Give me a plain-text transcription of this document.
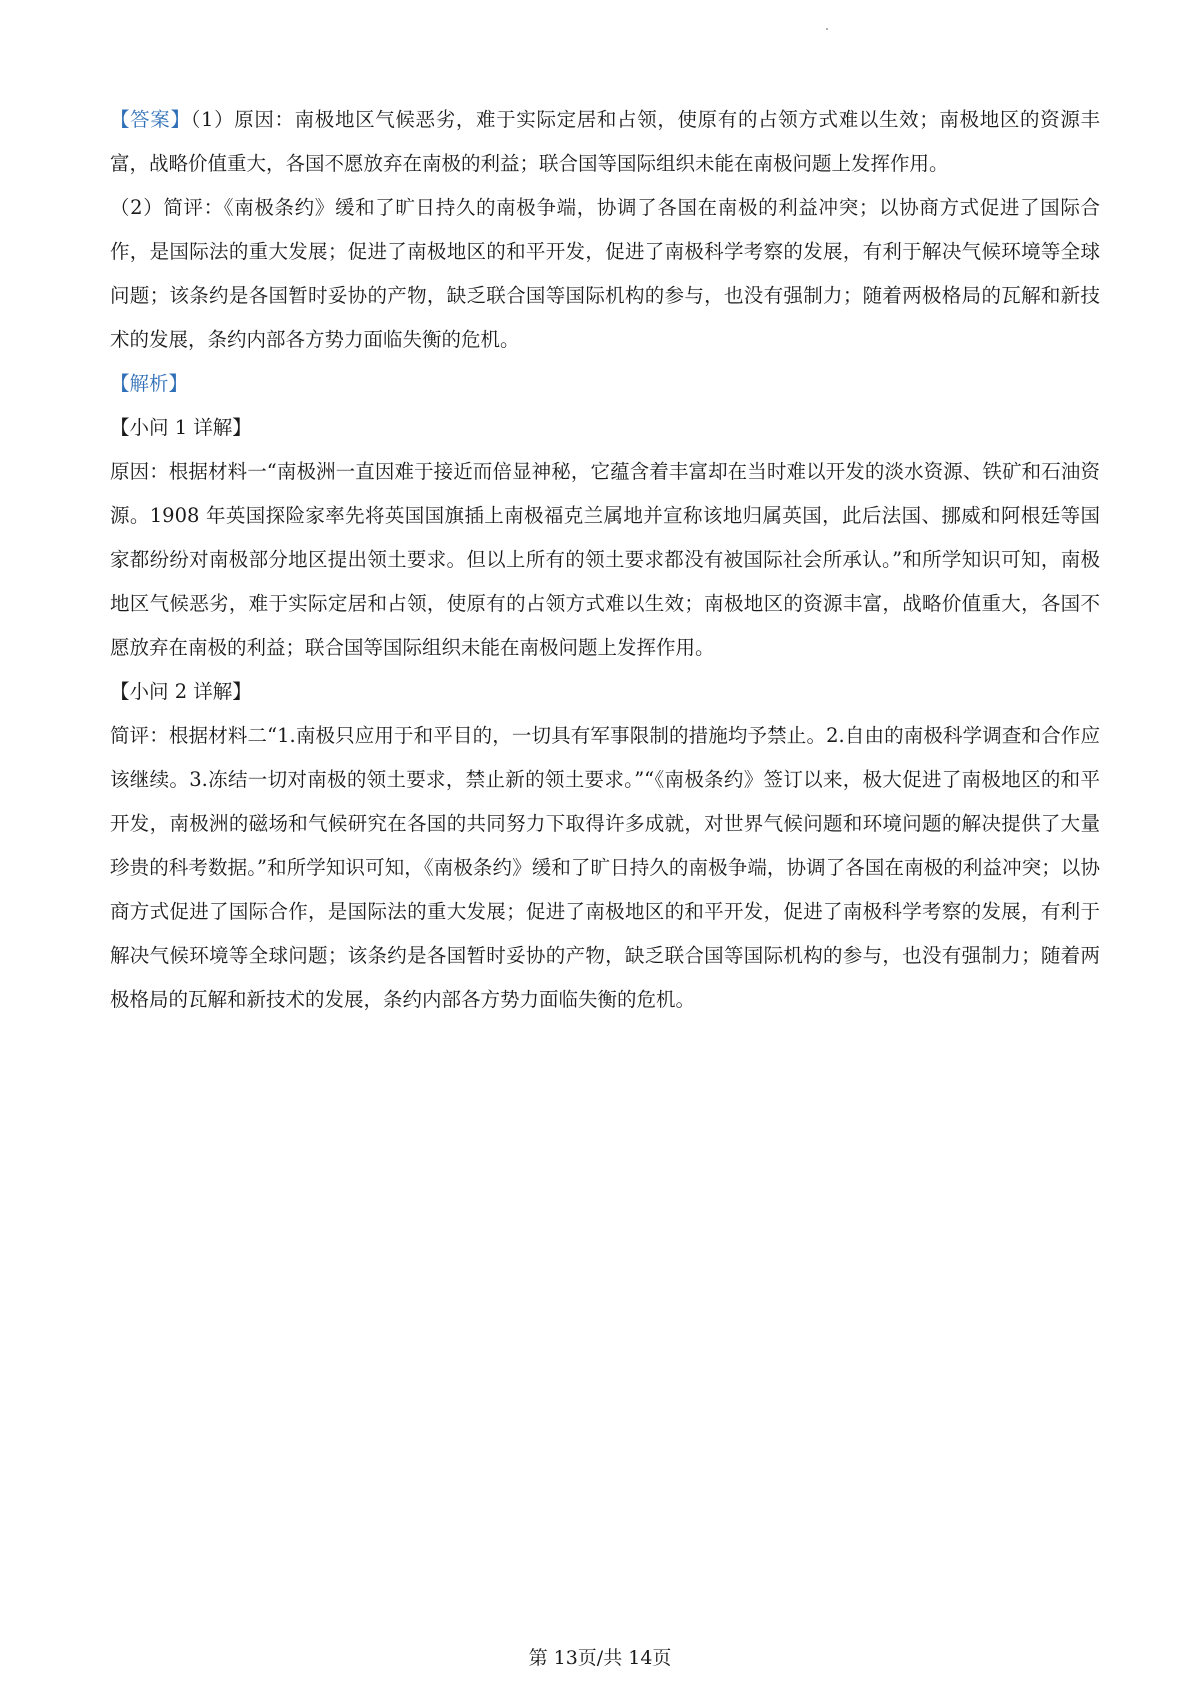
【答案】（1）原因：南极地区气候恶劣，难于实际定居和占领，使原有的占领方式难以生效；南极地区的资源丰富，战略价值重大，各国不愿放弃在南极的利益；联合国等国际组织未能在南极问题上发挥作用。

（2）简评：《南极条约》缓和了旷日持久的南极争端，协调了各国在南极的利益冲突；以协商方式促进了国际合作，是国际法的重大发展；促进了南极地区的和平开发，促进了南极科学考察的发展，有利于解决气候环境等全球问题；该条约是各国暂时妥协的产物，缺乏联合国等国际机构的参与，也没有强制力；随着两极格局的瓦解和新技术的发展，条约内部各方势力面临失衡的危机。

【解析】

【小问 1 详解】

原因：根据材料一“南极洲一直因难于接近而倍显神秘，它蕴含着丰富却在当时难以开发的淡水资源、铁矿和石油资源。1908 年英国探险家率先将英国国旗插上南极福克兰属地并宣称该地归属英国，此后法国、挪威和阿根廷等国家都纷纷对南极部分地区提出领土要求。但以上所有的领土要求都没有被国际社会所承认。”和所学知识可知，南极地区气候恶劣，难于实际定居和占领，使原有的占领方式难以生效；南极地区的资源丰富，战略价值重大，各国不愿放弃在南极的利益；联合国等国际组织未能在南极问题上发挥作用。

【小问 2 详解】

简评：根据材料二“1.南极只应用于和平目的，一切具有军事限制的措施均予禁止。2.自由的南极科学调查和合作应该继续。3.冻结一切对南极的领土要求，禁止新的领土要求。”“《南极条约》签订以来，极大促进了南极地区的和平开发，南极洲的磁场和气候研究在各国的共同努力下取得许多成就，对世界气候问题和环境问题的解决提供了大量珍贵的科考数据。”和所学知识可知，《南极条约》缓和了旷日持久的南极争端，协调了各国在南极的利益冲突；以协商方式促进了国际合作，是国际法的重大发展；促进了南极地区的和平开发，促进了南极科学考察的发展，有利于解决气候环境等全球问题；该条约是各国暂时妥协的产物，缺乏联合国等国际机构的参与，也没有强制力；随着两极格局的瓦解和新技术的发展，条约内部各方势力面临失衡的危机。

第 13页/共 14页
